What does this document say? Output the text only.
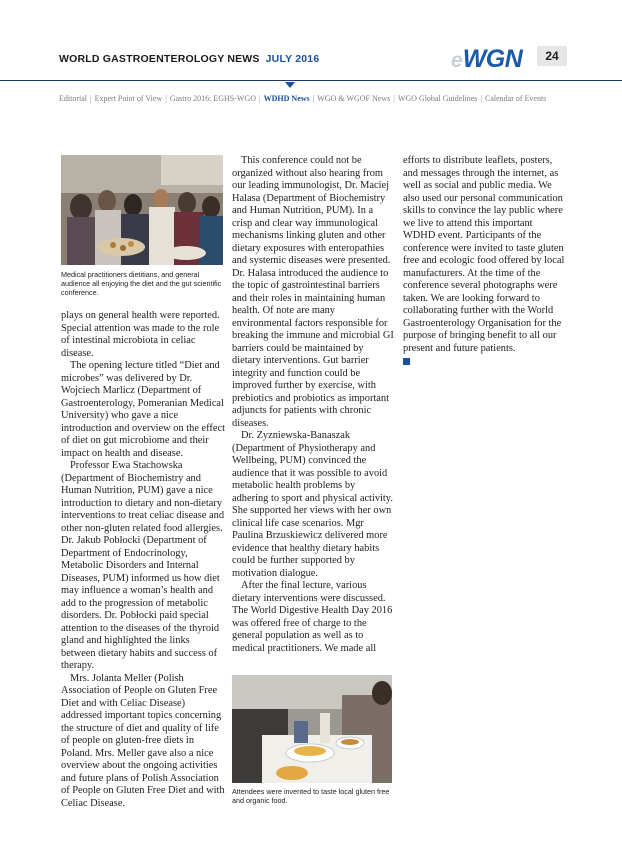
WORLD GASTROENTEROLOGY NEWS JULY 2016	eWGN	24
Editorial | Expert Point of View | Gastro 2016: EGHS-WGO | WDHD News | WGO & WGOF News | WGO Global Guidelines | Calendar of Events
Medical practitioners dietitians, and general audience all enjoying the diet and the gut scientific conference.

plays on general health were reported. Special attention was made to the role of intestinal microbiota in celiac disease.

The opening lecture titled “Diet and microbes” was delivered by Dr. Wojciech Marlicz (Department of Gastroenterology, Pomeranian Medical University) who gave a nice introduction and overview on the effect of diet on gut microbiome and their impact on health and disease.

Professor Ewa Stachowska (Department of Biochemistry and Human Nutrition, PUM) gave a nice introduction to dietary and non-dietary interventions to treat celiac disease and other non-gluten related food allergies. Dr. Jakub Pobłocki (Department of Department of Endocrinology, Metabolic Disorders and Internal Diseases, PUM) informed us how diet may influence a woman’s health and add to the progression of metabolic disorders. Dr. Pobłocki paid special attention to the diseases of the thyroid gland and highlighted the links between dietary habits and success of therapy.

Mrs. Jolanta Meller (Polish Association of People on Gluten Free Diet and with Celiac Disease) addressed important topics concerning the structure of diet and quality of life of people on gluten-free diets in Poland. Mrs. Meller gave also a nice overview about the ongoing activities and future plans of Polish Association of People on Gluten Free Diet and with Celiac Disease.

This conference could not be organized without also hearing from our leading immunologist, Dr. Maciej Halasa (Department of Biochemistry and Human Nutrition, PUM). In a crisp and clear way immunological mechanisms linking gluten and other dietary exposures with enteropathies and systemic diseases were presented. Dr. Halasa introduced the audience to the topic of gastrointestinal barriers and their roles in maintaining human health. Of note are many environmental factors responsible for breaking the immune and microbial GI barriers could be maintained by dietary interventions. Gut barrier integrity and function could be improved further by exercise, with prebiotics and probiotics as important adjuncts for patients with chronic diseases.

Dr. Zyzniewska-Banaszak (Department of Physiotherapy and Wellbeing, PUM) convinced the audience that it was possible to avoid metabolic health problems by adhering to sport and physical activity. She supported her views with her own clinical life case scenarios. Mgr Paulina Brzuskiewicz delivered more evidence that healthy dietary habits could be further supported by motivation dialogue.

After the final lecture, various dietary interventions were discussed. The World Digestive Health Day 2016 was offered free of charge to the general population as well as to medical practitioners. We made all

Attendees were invented to taste local gluten free and organic food.

efforts to distribute leaflets, posters, and messages through the internet, as well as social and public media. We also used our personal communication skills to convince the lay public where we live to attend this important WDHD event. Participants of the conference were invited to taste gluten free and ecologic food offered by local manufacturers. At the time of the conference several photographs were taken. We are looking forward to collaborating further with the World Gastroenterology Organisation for the purpose of bringing benefit to all our present and future patients.
